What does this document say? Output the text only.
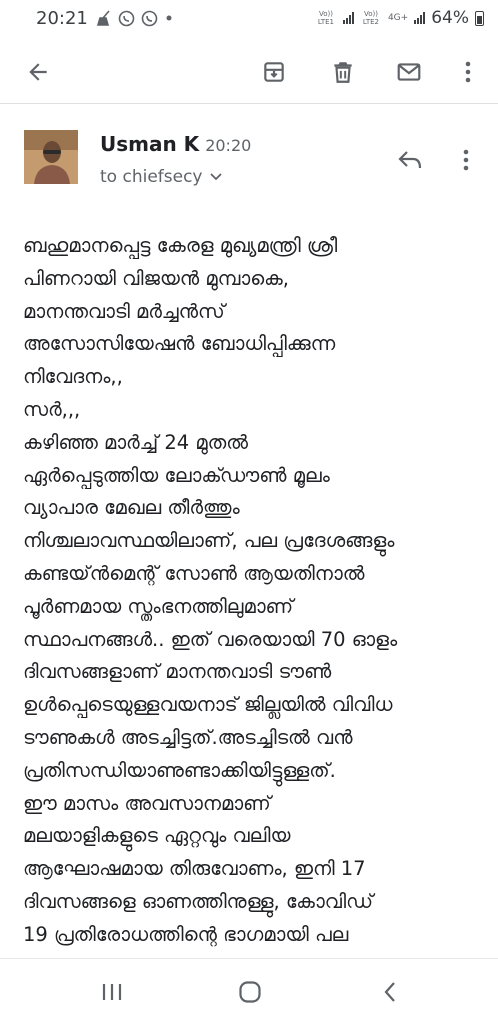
20:21	Vo)) LTE1
Vo)) LTE2 4G+ 64%
Usman K 20:20
to chiefsecy

ബഹുമാനപ്പെട്ട കേരള മുഖ്യമന്ത്രി ശ്രീ

പിണറായി വിജയൻ മുമ്പാകെ,

മാനന്തവാടി മർച്ചൻസ്

അസോസിയേഷൻ ബോധിപ്പിക്കുന്ന

നിവേദനം,,

സർ,,,

കഴിഞ്ഞ മാർച്ച് 24 മുതൽ

ഏർപ്പെടുത്തിയ ലോക്ഡൗൺ മൂലം

വ്യാപാര മേഖല തീർത്തും

നിശ്ചലാവസ്ഥയിലാണ്, പല പ്രദേശങ്ങളും

കണ്ടയ്ൻമെന്റ് സോൺ ആയതിനാൽ

പൂർണമായ സ്തംഭനത്തിലുമാണ്

സ്ഥാപനങ്ങൾ.. ഇത് വരെയായി 70 ഓളം

ദിവസങ്ങളാണ് മാനന്തവാടി ടൗൺ

ഉൾപ്പെടെയുള്ളവയനാട് ജില്ലയിൽ വിവിധ

ടൗണുകൾ അടച്ചിട്ടത്.അടച്ചിടൽ വൻ

പ്രതിസന്ധിയാണുണ്ടാക്കിയിട്ടുള്ളത്.

ഈ മാസം അവസാനമാണ്

മലയാളികളുടെ ഏറ്റവും വലിയ

ആഘോഷമായ തിരുവോണം, ഇനി 17

ദിവസങ്ങളെ ഓണത്തിനുള്ളു, കോവിഡ്

19 പ്രതിരോധത്തിന്റെ ഭാഗമായി പല
